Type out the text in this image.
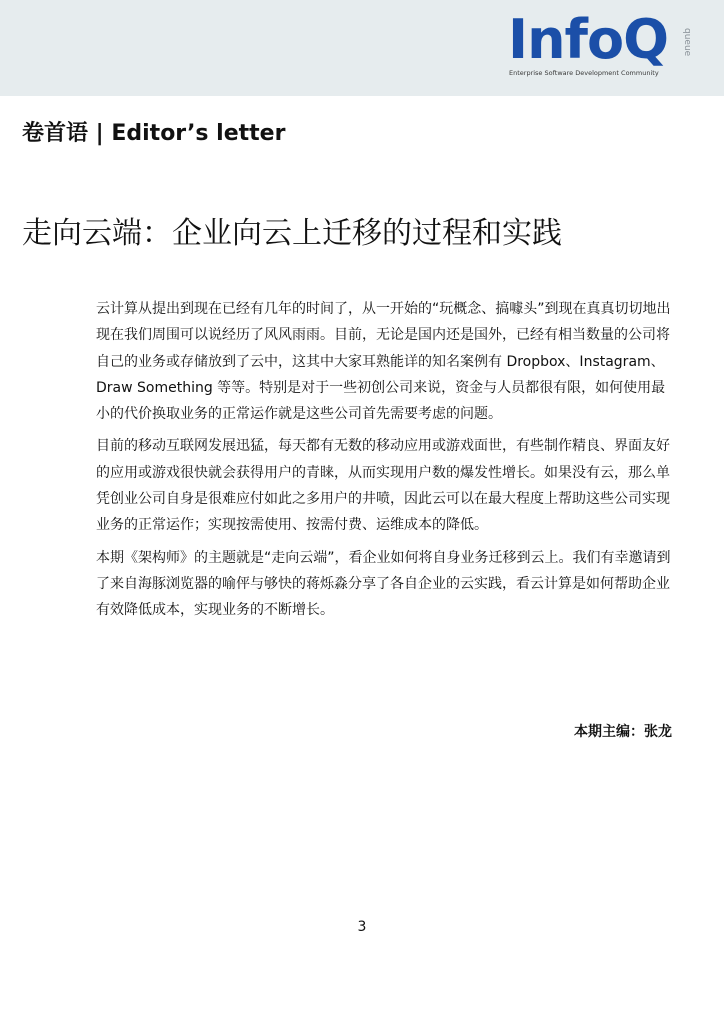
InfoQ queue
Enterprise Software Development Community
卷首语 | Editor’s letter
走向云端：企业向云上迁移的过程和实践

云计算从提出到现在已经有几年的时间了，从一开始的“玩概念、搞噱头”到现在真真切切地出现在我们周围可以说经历了风风雨雨。目前，无论是国内还是国外，已经有相当数量的公司将自己的业务或存储放到了云中，这其中大家耳熟能详的知名案例有 Dropbox、Instagram、Draw Something 等等。特别是对于一些初创公司来说，资金与人员都很有限，如何使用最小的代价换取业务的正常运作就是这些公司首先需要考虑的问题。

目前的移动互联网发展迅猛，每天都有无数的移动应用或游戏面世，有些制作精良、界面友好的应用或游戏很快就会获得用户的青睐，从而实现用户数的爆发性增长。如果没有云，那么单凭创业公司自身是很难应付如此之多用户的井喷，因此云可以在最大程度上帮助这些公司实现业务的正常运作；实现按需使用、按需付费、运维成本的降低。

本期《架构师》的主题就是“走向云端”，看企业如何将自身业务迁移到云上。我们有幸邀请到了来自海豚浏览器的喻伻与够快的蒋烁淼分享了各自企业的云实践，看云计算是如何帮助企业有效降低成本，实现业务的不断增长。

本期主编：张龙
3
